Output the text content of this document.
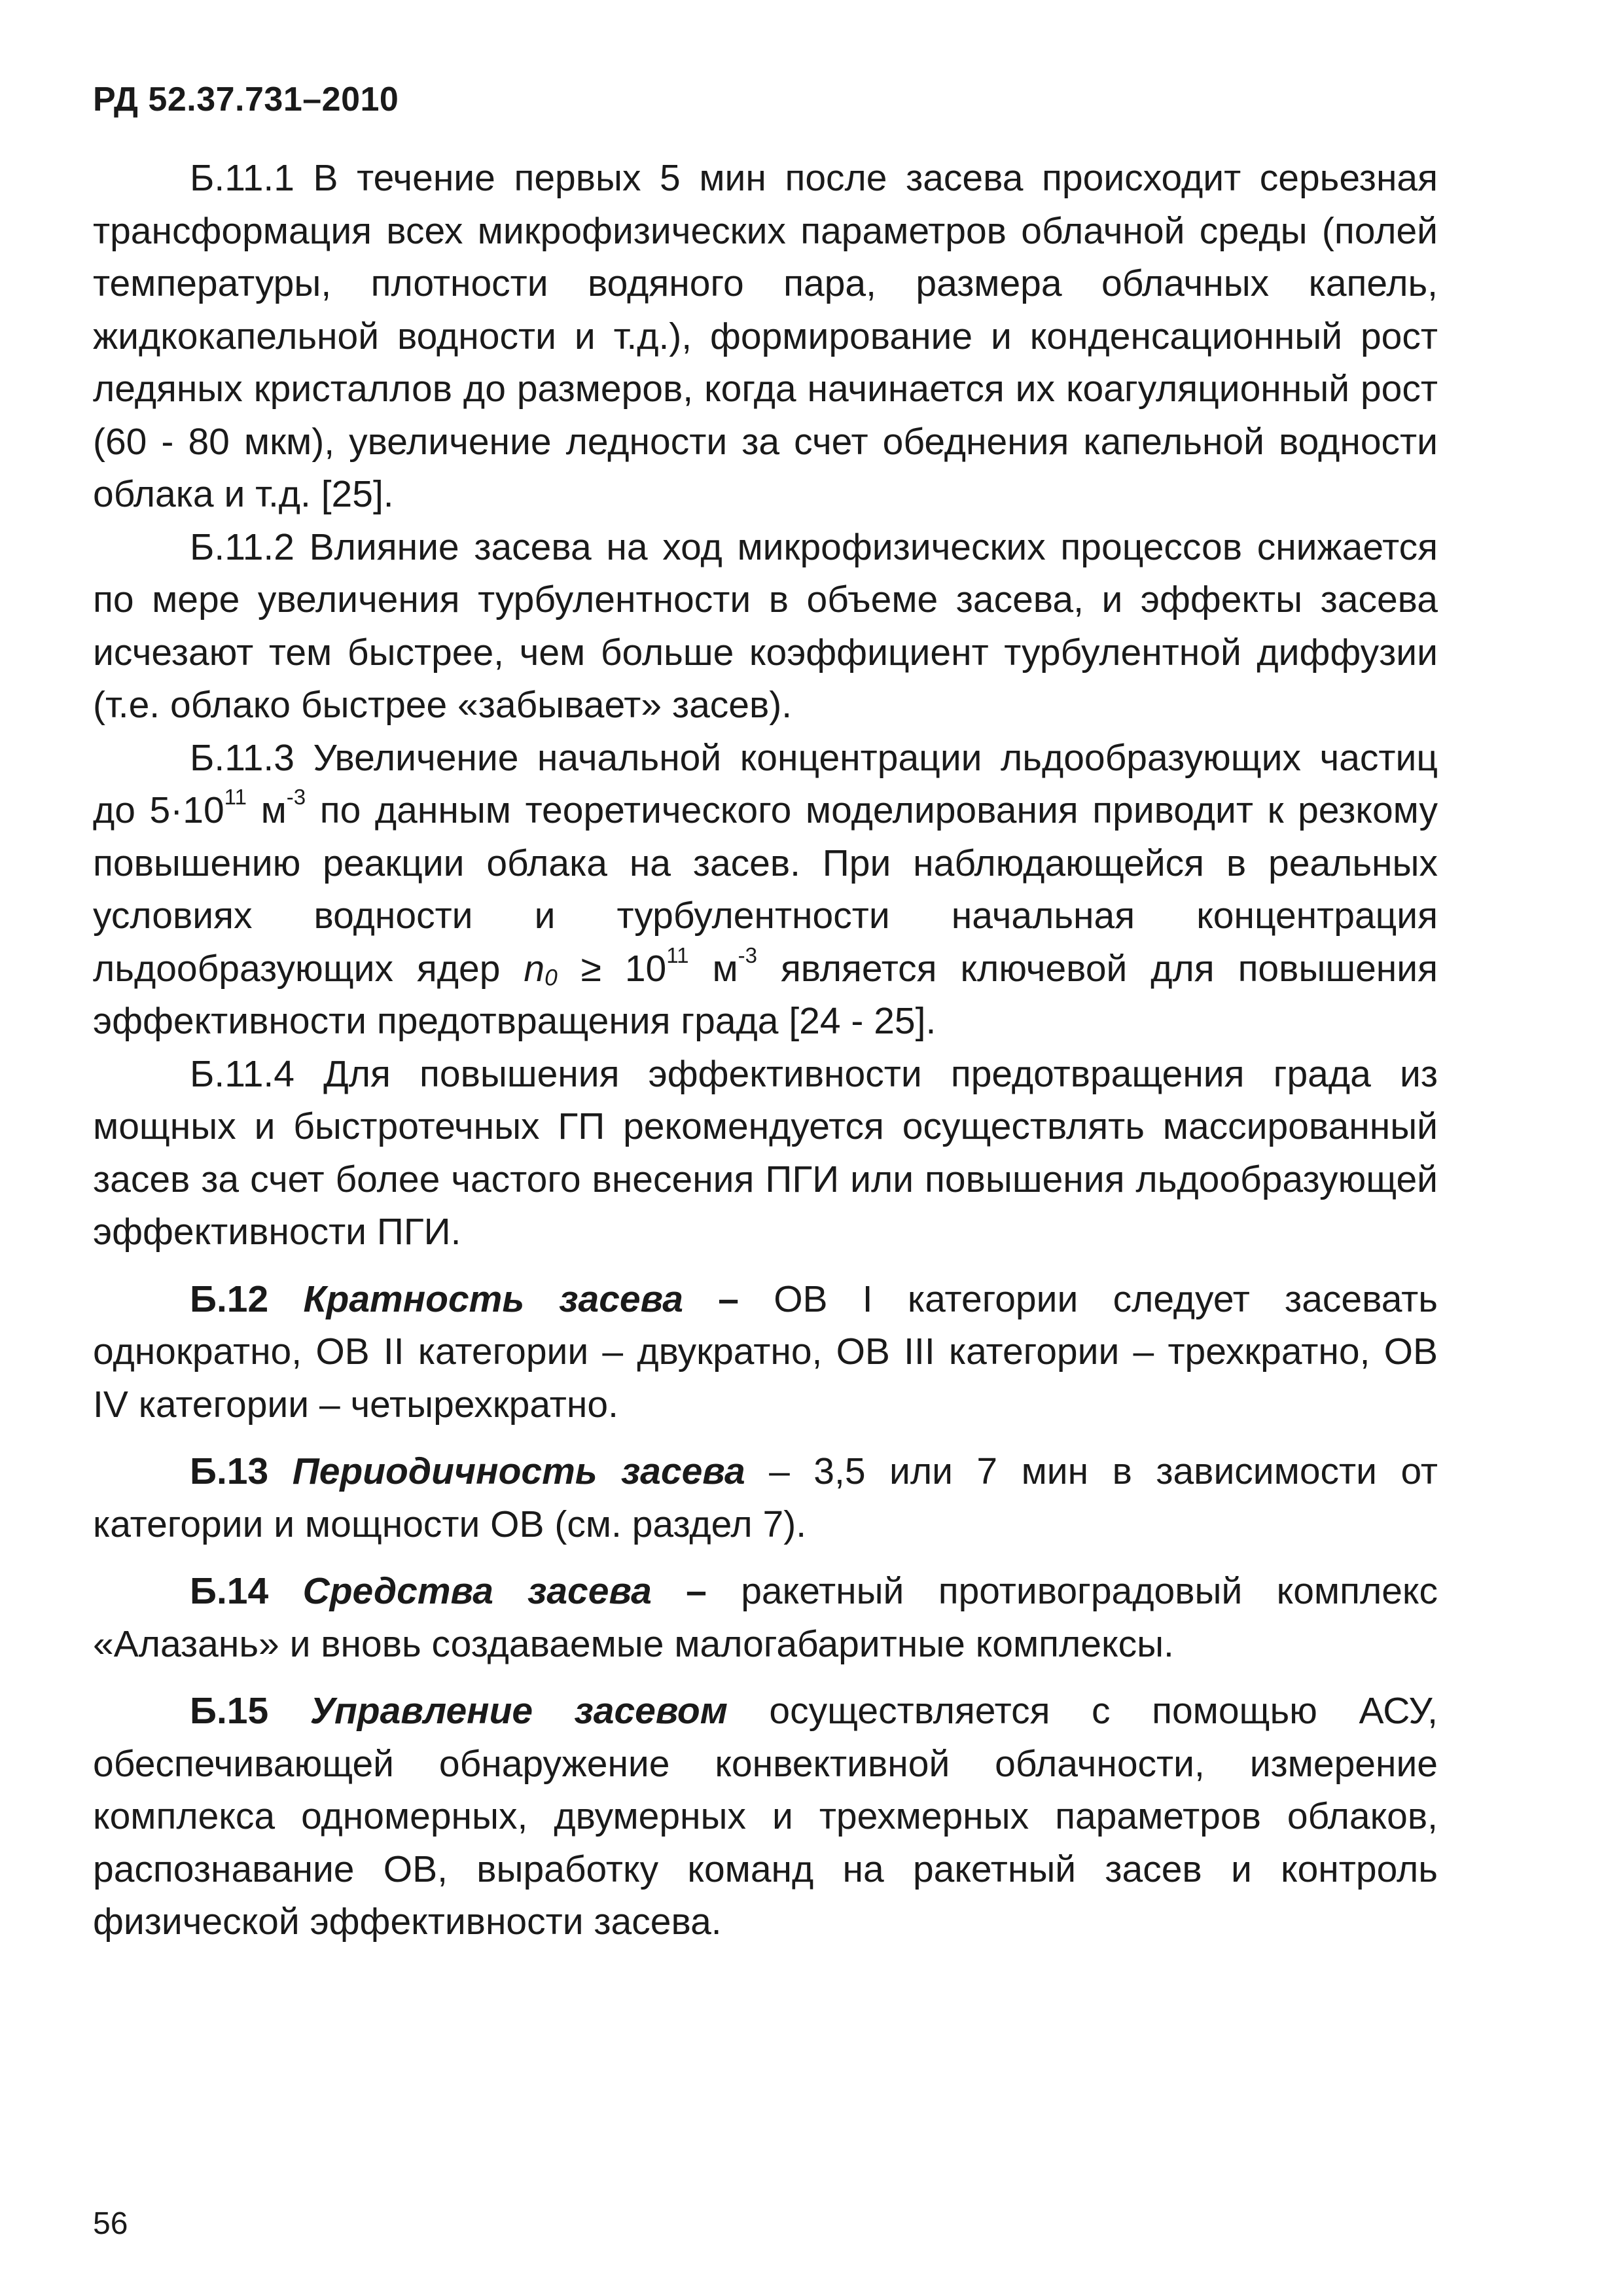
РД 52.37.731–2010

Б.11.1 В течение первых 5 мин после засева происходит серьезная трансформация всех микрофизических параметров облачной среды (полей температуры, плотности водяного пара, размера облачных капель, жидкокапельной водности и т.д.), формирование и конденсационный рост ледяных кристаллов до размеров, когда начинается их коагуляционный рост (60 - 80 мкм), увеличение ледности за счет обеднения капельной водности облака и т.д. [25].

Б.11.2 Влияние засева на ход микрофизических процессов снижается по мере увеличения турбулентности в объеме засева, и эффекты засева исчезают тем быстрее, чем больше коэффициент турбулентной диффузии (т.е. облако быстрее «забывает» засев).

Б.11.3 Увеличение начальной концентрации льдообразующих частиц до $5\cdot 10^{11}$ $м^{-3}$ по данным теоретического моделирования приводит к резкому повышению реакции облака на засев. При наблюдающейся в реальных условиях водности и турбулентности начальная концентрация льдообразующих ядер $n_0 \ge 10^{11}$ $м^{-3}$ является ключевой для повышения эффективности предотвращения града [24 - 25].

Б.11.4 Для повышения эффективности предотвращения града из мощных и быстротечных ГП рекомендуется осуществлять массированный засев за счет более частого внесения ПГИ или повышения льдообразующей эффективности ПГИ.

Б.12 Кратность засева – ОВ I категории следует засевать однократно, ОВ II категории – двукратно, ОВ III категории – трехкратно, ОВ IV категории – четырехкратно.

Б.13 Периодичность засева – 3,5 или 7 мин в зависимости от категории и мощности ОВ (см. раздел 7).

Б.14 Средства засева – ракетный противоградовый комплекс «Алазань» и вновь создаваемые малогабаритные комплексы.

Б.15 Управление засевом осуществляется с помощью АСУ, обеспечивающей обнаружение конвективной облачности, измерение комплекса одномерных, двумерных и трехмерных параметров облаков, распознавание ОВ, выработку команд на ракетный засев и контроль физической эффективности засева.

56
